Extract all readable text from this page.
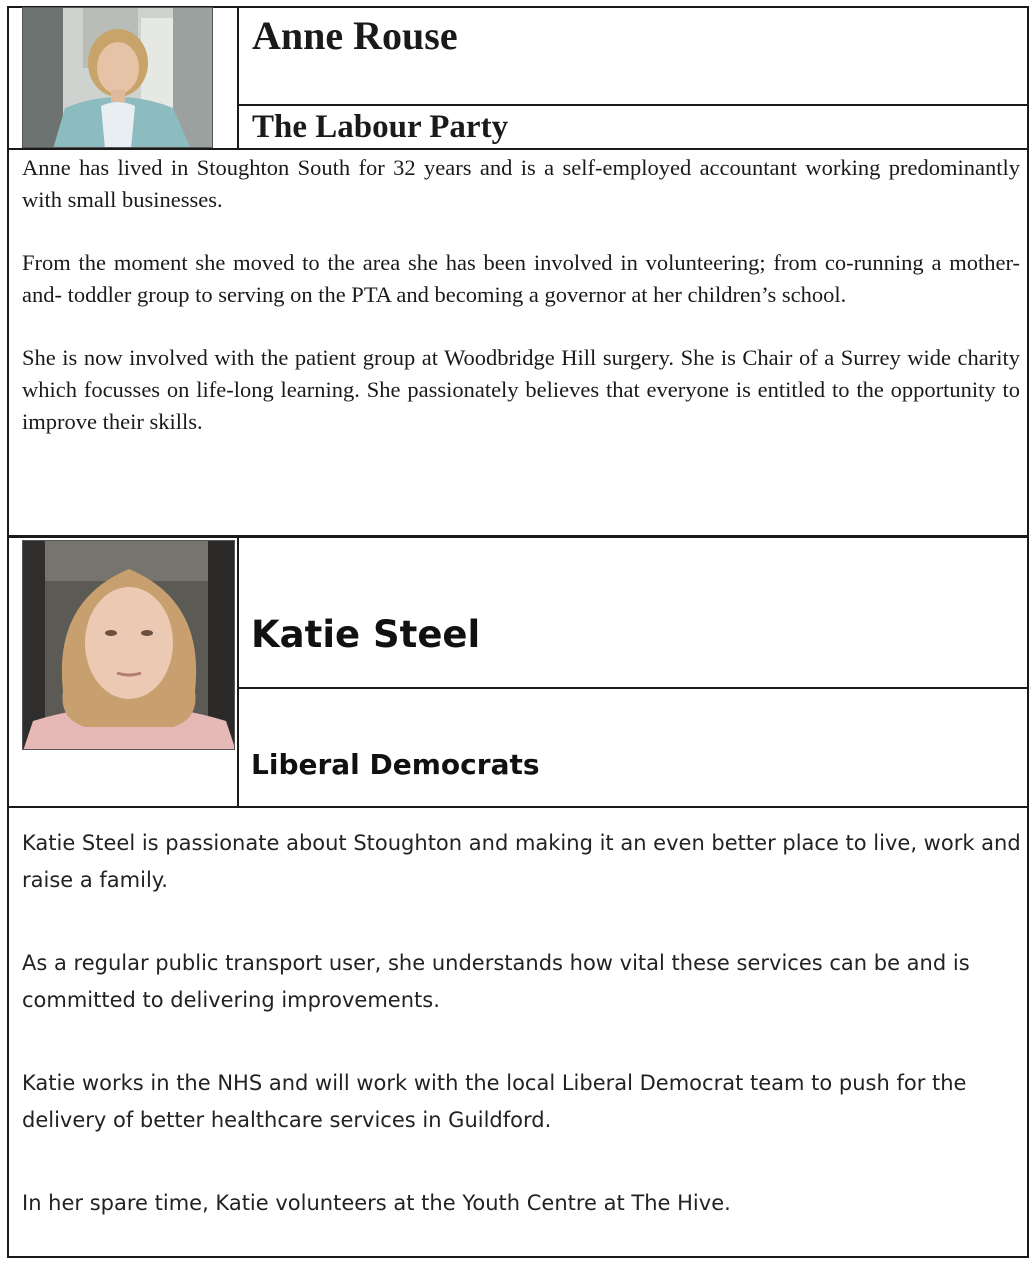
Anne Rouse
The Labour Party

Anne has lived in Stoughton South for 32 years and is a self-employed accountant working predominantly with small businesses.

From the moment she moved to the area she has been involved in volunteering; from co-running a mother-and- toddler group to serving on the PTA and becoming a governor at her children’s school.

She is now involved with the patient group at Woodbridge Hill surgery. She is Chair of a Surrey wide charity which focusses on life-long learning. She passionately believes that everyone is entitled to the opportunity to improve their skills.

Katie Steel
Liberal Democrats

Katie Steel is passionate about Stoughton and making it an even better place to live, work and raise a family.

As a regular public transport user, she understands how vital these services can be and is committed to delivering improvements.

Katie works in the NHS and will work with the local Liberal Democrat team to push for the delivery of better healthcare services in Guildford.

In her spare time, Katie volunteers at the Youth Centre at The Hive.
